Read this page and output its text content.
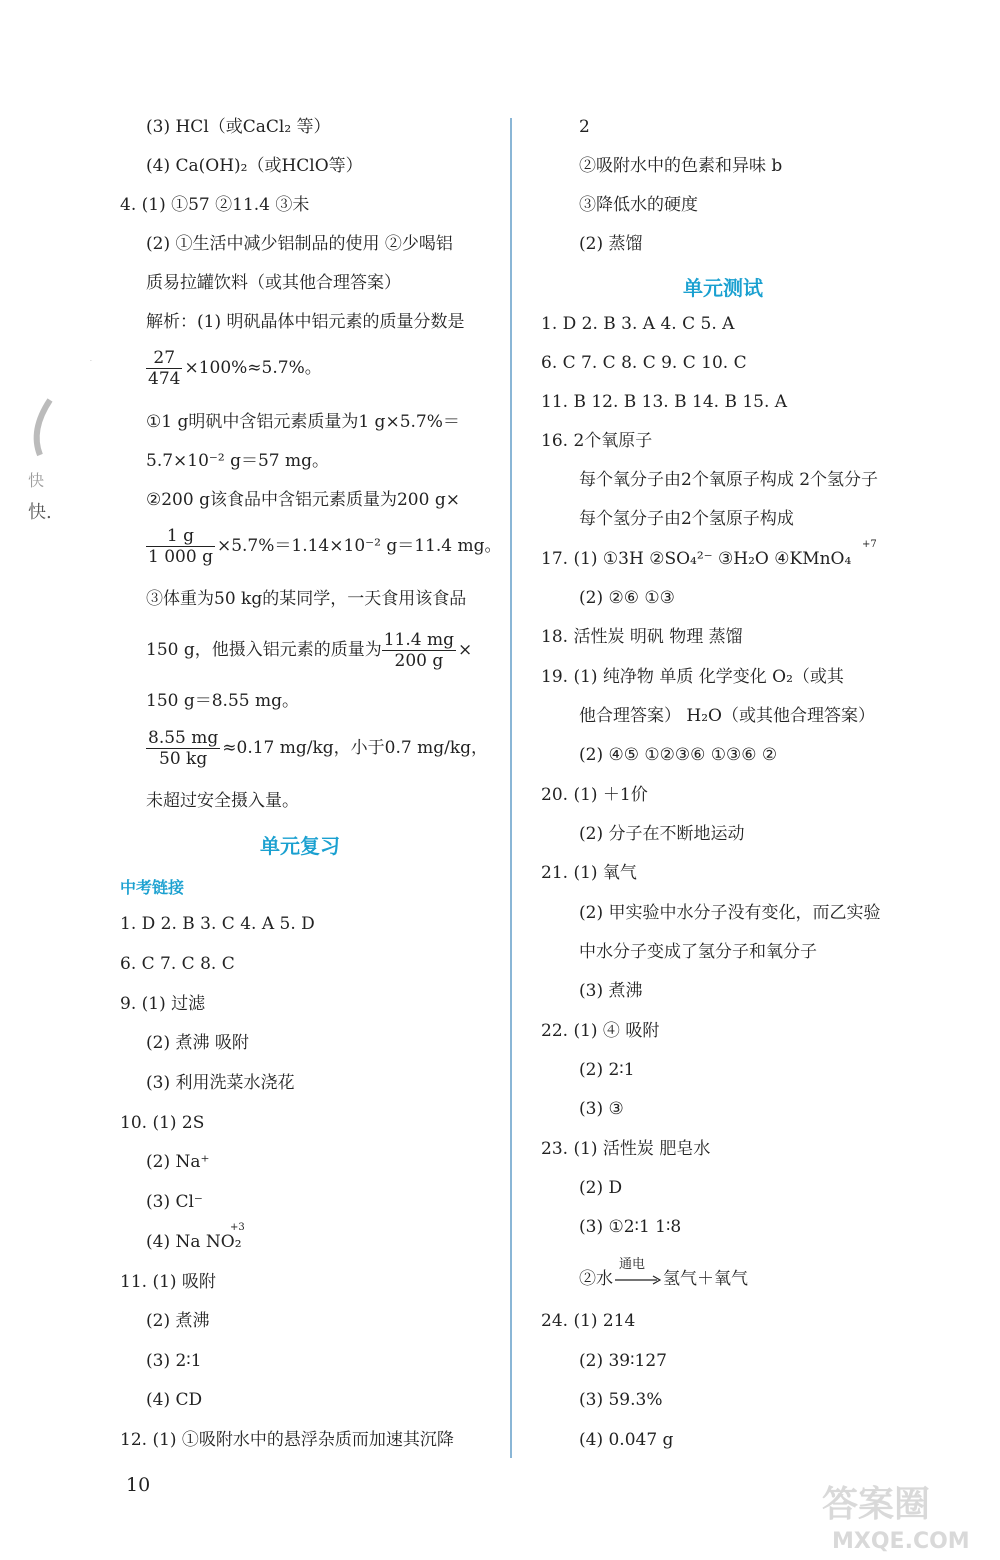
(3) HCl（或CaCl₂ 等）
(4) Ca(OH)₂（或HClO等）
4. (1) ①57 ②11.4 ③未
(2) ①生活中减少铝制品的使用 ②少喝铝
质易拉罐饮料（或其他合理答案）
解析：(1) 明矾晶体中铝元素的质量分数是
$\frac{27}{474} \times 100\%\approx 5.7\%$。
①1 g明矾中含铝元素质量为1 g×5.7%＝
5.7×10⁻² g＝57 mg。
②200 g该食品中含铝元素质量为200 g×
$\frac{1 g}{1 000 g} \times 5.7\%=1.14\times 10^{-2}$ g＝11.4 mg。
③体重为50 kg的某同学，一天食用该食品
150 g，他摄入铝元素的质量为 $\frac{11.4 mg}{200 g}$ ×
150 g＝8.55 mg。
$\frac{8.55 mg}{50 kg} \approx 0.17$ mg/kg，小于0.7 mg/kg，
未超过安全摄入量。
单元复习
中考链接
1. D 2. B 3. C 4. A 5. D
6. C 7. C 8. C
9. (1) 过滤
(2) 煮沸 吸附
(3) 利用洗菜水浇花
10. (1) 2S
(2) Na⁺
(3) Cl⁻
+3
(4) Na NO₂
11. (1) 吸附
(2) 煮沸
(3) 2∶1
(4) CD
12. (1) ①吸附水中的悬浮杂质而加速其沉降
快
快.
2
②吸附水中的色素和异味 b
③降低水的硬度
(2) 蒸馏
单元测试
1. D 2. B 3. A 4. C 5. A
6. C 7. C 8. C 9. C 10. C
11. B 12. B 13. B 14. B 15. A
16. 2个氧原子
每个氧分子由2个氧原子构成 2个氢分子
每个氢分子由2个氢原子构成
+7
17. (1) ①3H ②SO₄²⁻ ③H₂O ④KMnO₄
(2) ②⑥ ①③
18. 活性炭 明矾 物理 蒸馏
19. (1) 纯净物 单质 化学变化 O₂（或其
他合理答案） H₂O（或其他合理答案）
(2) ④⑤ ①②③⑥ ①③⑥ ②
20. (1) ＋1价
(2) 分子在不断地运动
21. (1) 氧气
(2) 甲实验中水分子没有变化，而乙实验
中水分子变成了氢分子和氧分子
(3) 煮沸
22. (1) ④ 吸附
(2) 2∶1
(3) ③
23. (1) 活性炭 肥皂水
(2) D
(3) ①2∶1 1∶8
②水
通电
氢气＋氧气
24. (1) 214
(2) 39∶127
(3) 59.3%
(4) 0.047 g
10	答案圈
MXQE.COM
